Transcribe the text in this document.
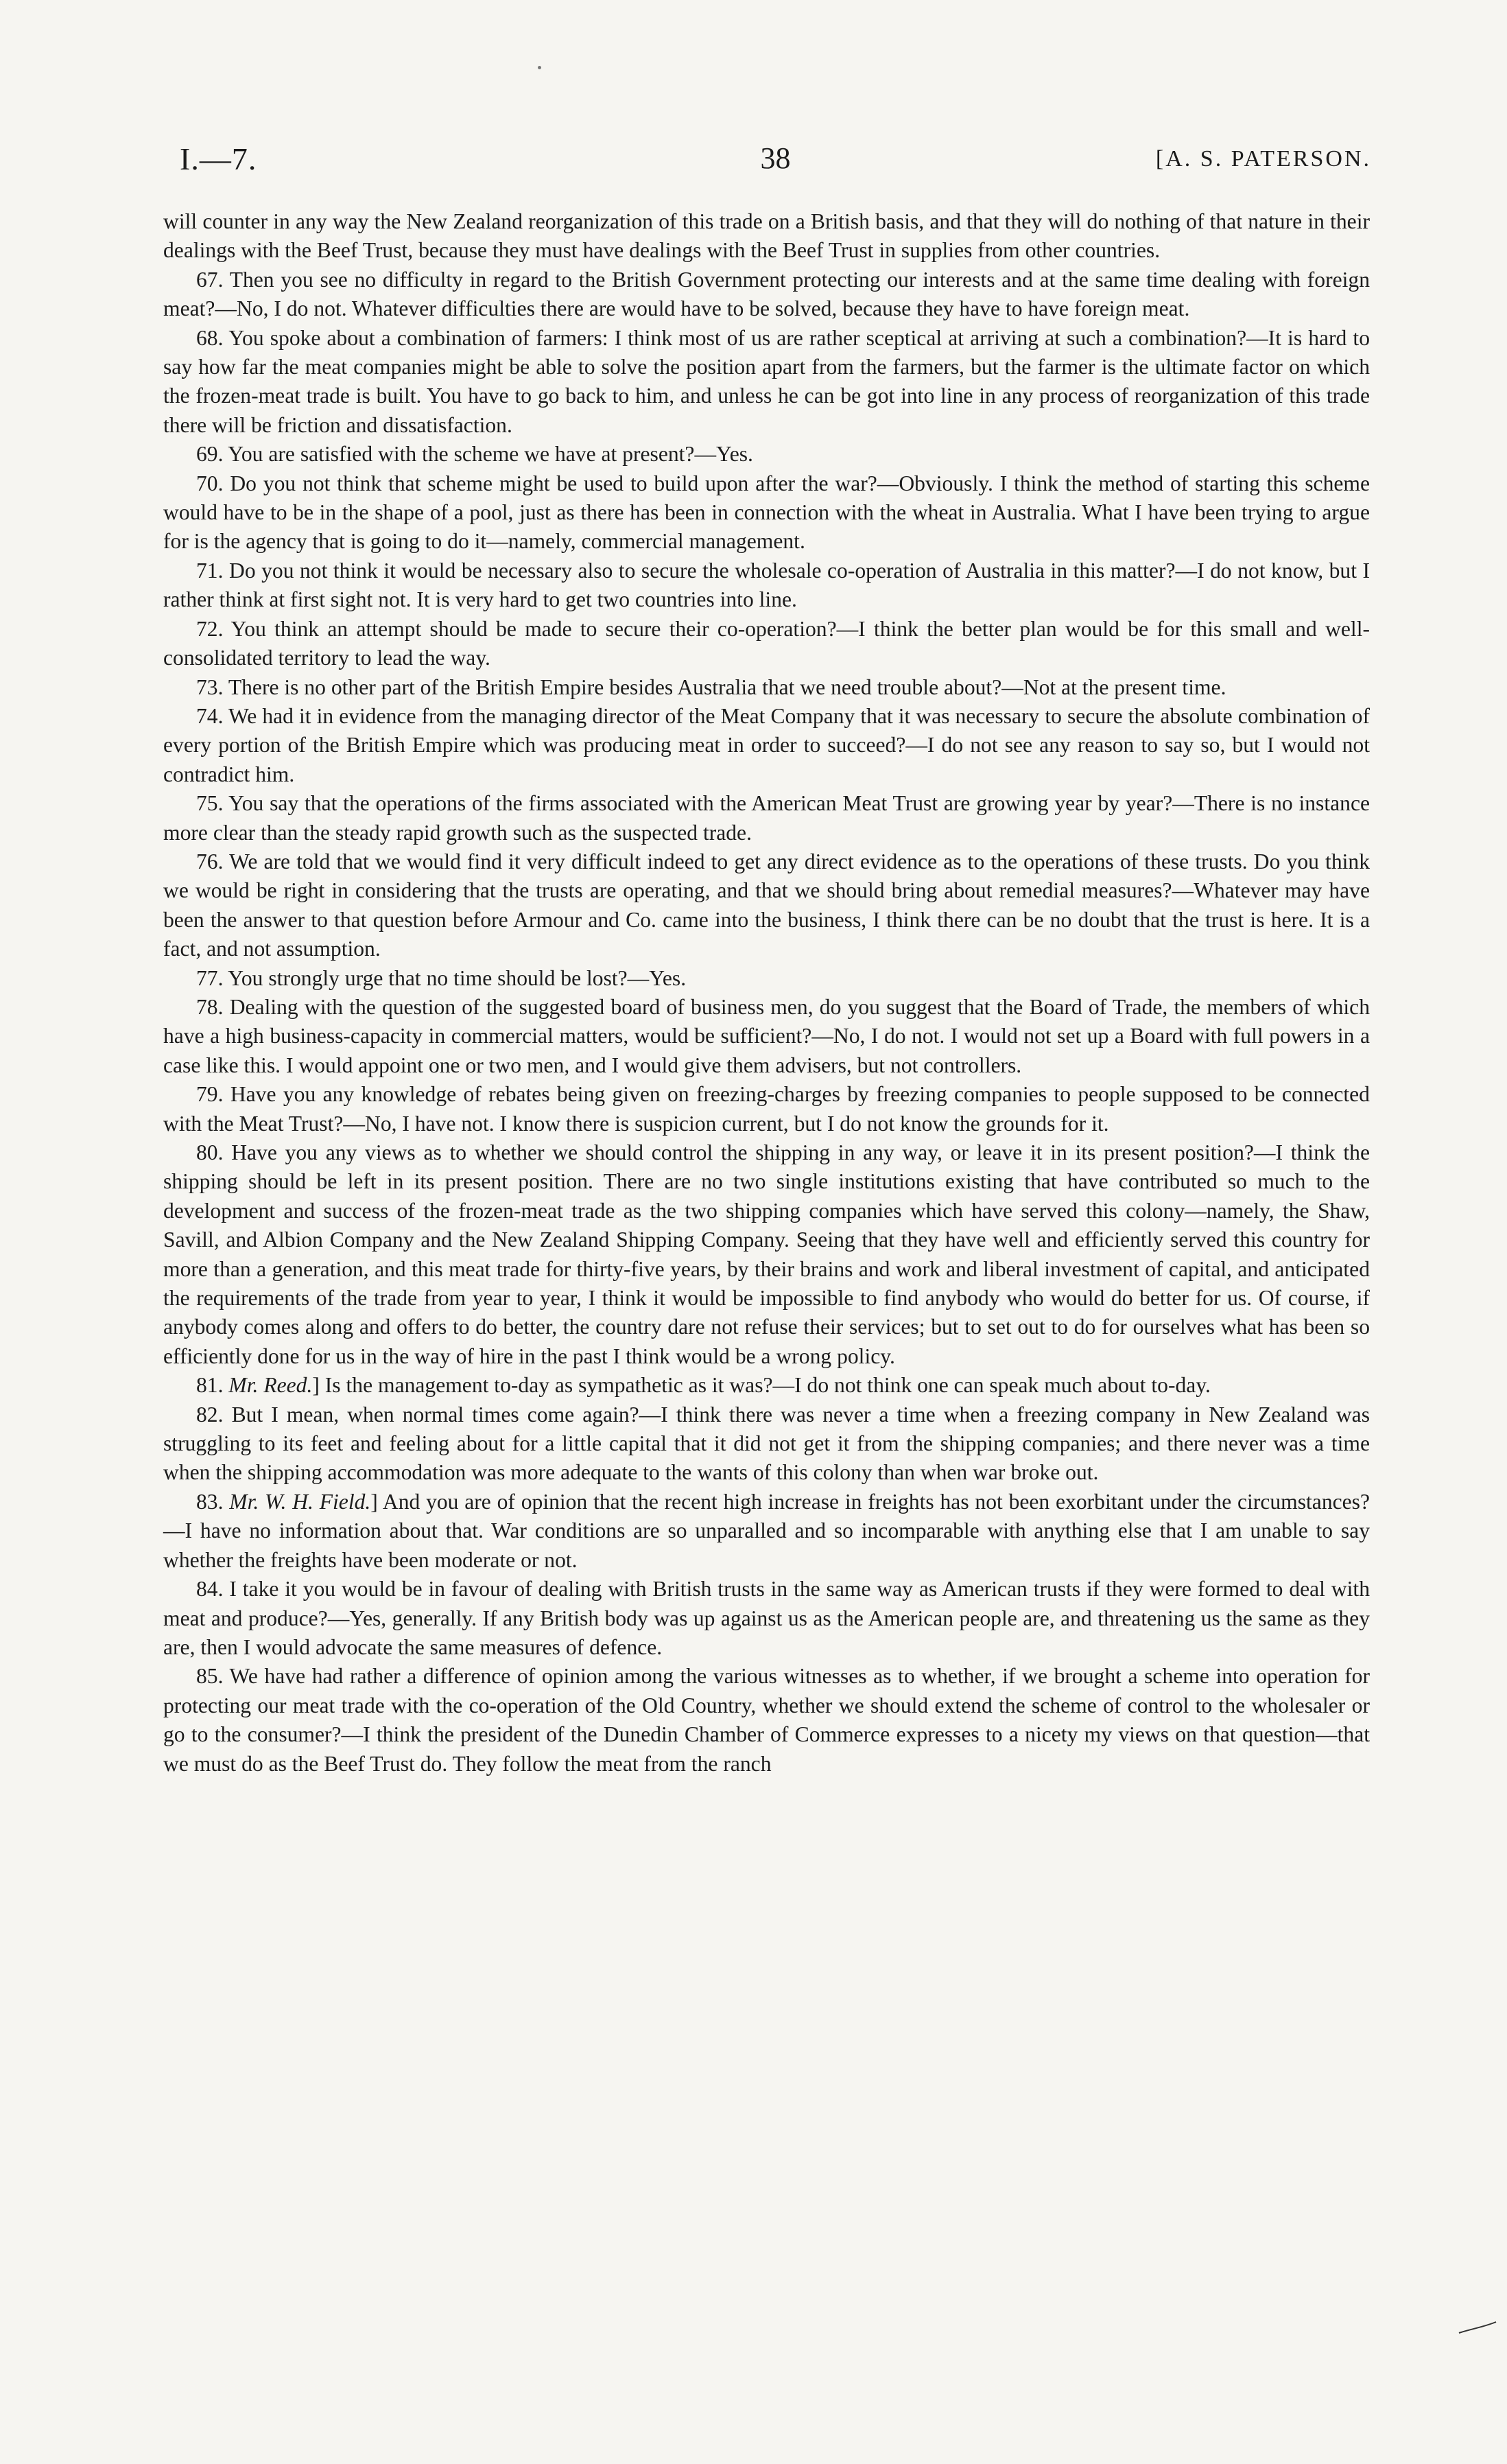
I.—7.	38	[A. S. PATERSON.

will counter in any way the New Zealand reorganization of this trade on a British basis, and that they will do nothing of that nature in their dealings with the Beef Trust, because they must have dealings with the Beef Trust in supplies from other countries.

67. Then you see no difficulty in regard to the British Government protecting our interests and at the same time dealing with foreign meat?—No, I do not. Whatever difficulties there are would have to be solved, because they have to have foreign meat.

68. You spoke about a combination of farmers: I think most of us are rather sceptical at arriving at such a combination?—It is hard to say how far the meat companies might be able to solve the position apart from the farmers, but the farmer is the ultimate factor on which the frozen-meat trade is built. You have to go back to him, and unless he can be got into line in any process of reorganization of this trade there will be friction and dissatisfaction.

69. You are satisfied with the scheme we have at present?—Yes.

70. Do you not think that scheme might be used to build upon after the war?—Obviously. I think the method of starting this scheme would have to be in the shape of a pool, just as there has been in connection with the wheat in Australia. What I have been trying to argue for is the agency that is going to do it—namely, commercial management.

71. Do you not think it would be necessary also to secure the wholesale co-operation of Australia in this matter?—I do not know, but I rather think at first sight not. It is very hard to get two countries into line.

72. You think an attempt should be made to secure their co-operation?—I think the better plan would be for this small and well-consolidated territory to lead the way.

73. There is no other part of the British Empire besides Australia that we need trouble about?—Not at the present time.

74. We had it in evidence from the managing director of the Meat Company that it was necessary to secure the absolute combination of every portion of the British Empire which was producing meat in order to succeed?—I do not see any reason to say so, but I would not contradict him.

75. You say that the operations of the firms associated with the American Meat Trust are growing year by year?—There is no instance more clear than the steady rapid growth such as the suspected trade.

76. We are told that we would find it very difficult indeed to get any direct evidence as to the operations of these trusts. Do you think we would be right in considering that the trusts are operating, and that we should bring about remedial measures?—Whatever may have been the answer to that question before Armour and Co. came into the business, I think there can be no doubt that the trust is here. It is a fact, and not assumption.

77. You strongly urge that no time should be lost?—Yes.

78. Dealing with the question of the suggested board of business men, do you suggest that the Board of Trade, the members of which have a high business-capacity in commercial matters, would be sufficient?—No, I do not. I would not set up a Board with full powers in a case like this. I would appoint one or two men, and I would give them advisers, but not controllers.

79. Have you any knowledge of rebates being given on freezing-charges by freezing companies to people supposed to be connected with the Meat Trust?—No, I have not. I know there is suspicion current, but I do not know the grounds for it.

80. Have you any views as to whether we should control the shipping in any way, or leave it in its present position?—I think the shipping should be left in its present position. There are no two single institutions existing that have contributed so much to the development and success of the frozen-meat trade as the two shipping companies which have served this colony—namely, the Shaw, Savill, and Albion Company and the New Zealand Shipping Company. Seeing that they have well and efficiently served this country for more than a generation, and this meat trade for thirty-five years, by their brains and work and liberal investment of capital, and anticipated the requirements of the trade from year to year, I think it would be impossible to find anybody who would do better for us. Of course, if anybody comes along and offers to do better, the country dare not refuse their services; but to set out to do for ourselves what has been so efficiently done for us in the way of hire in the past I think would be a wrong policy.

81. Mr. Reed.] Is the management to-day as sympathetic as it was?—I do not think one can speak much about to-day.

82. But I mean, when normal times come again?—I think there was never a time when a freezing company in New Zealand was struggling to its feet and feeling about for a little capital that it did not get it from the shipping companies; and there never was a time when the shipping accommodation was more adequate to the wants of this colony than when war broke out.

83. Mr. W. H. Field.] And you are of opinion that the recent high increase in freights has not been exorbitant under the circumstances?—I have no information about that. War conditions are so unparalled and so incomparable with anything else that I am unable to say whether the freights have been moderate or not.

84. I take it you would be in favour of dealing with British trusts in the same way as American trusts if they were formed to deal with meat and produce?—Yes, generally. If any British body was up against us as the American people are, and threatening us the same as they are, then I would advocate the same measures of defence.

85. We have had rather a difference of opinion among the various witnesses as to whether, if we brought a scheme into operation for protecting our meat trade with the co-operation of the Old Country, whether we should extend the scheme of control to the wholesaler or go to the consumer?—I think the president of the Dunedin Chamber of Commerce expresses to a nicety my views on that question—that we must do as the Beef Trust do. They follow the meat from the ranch
